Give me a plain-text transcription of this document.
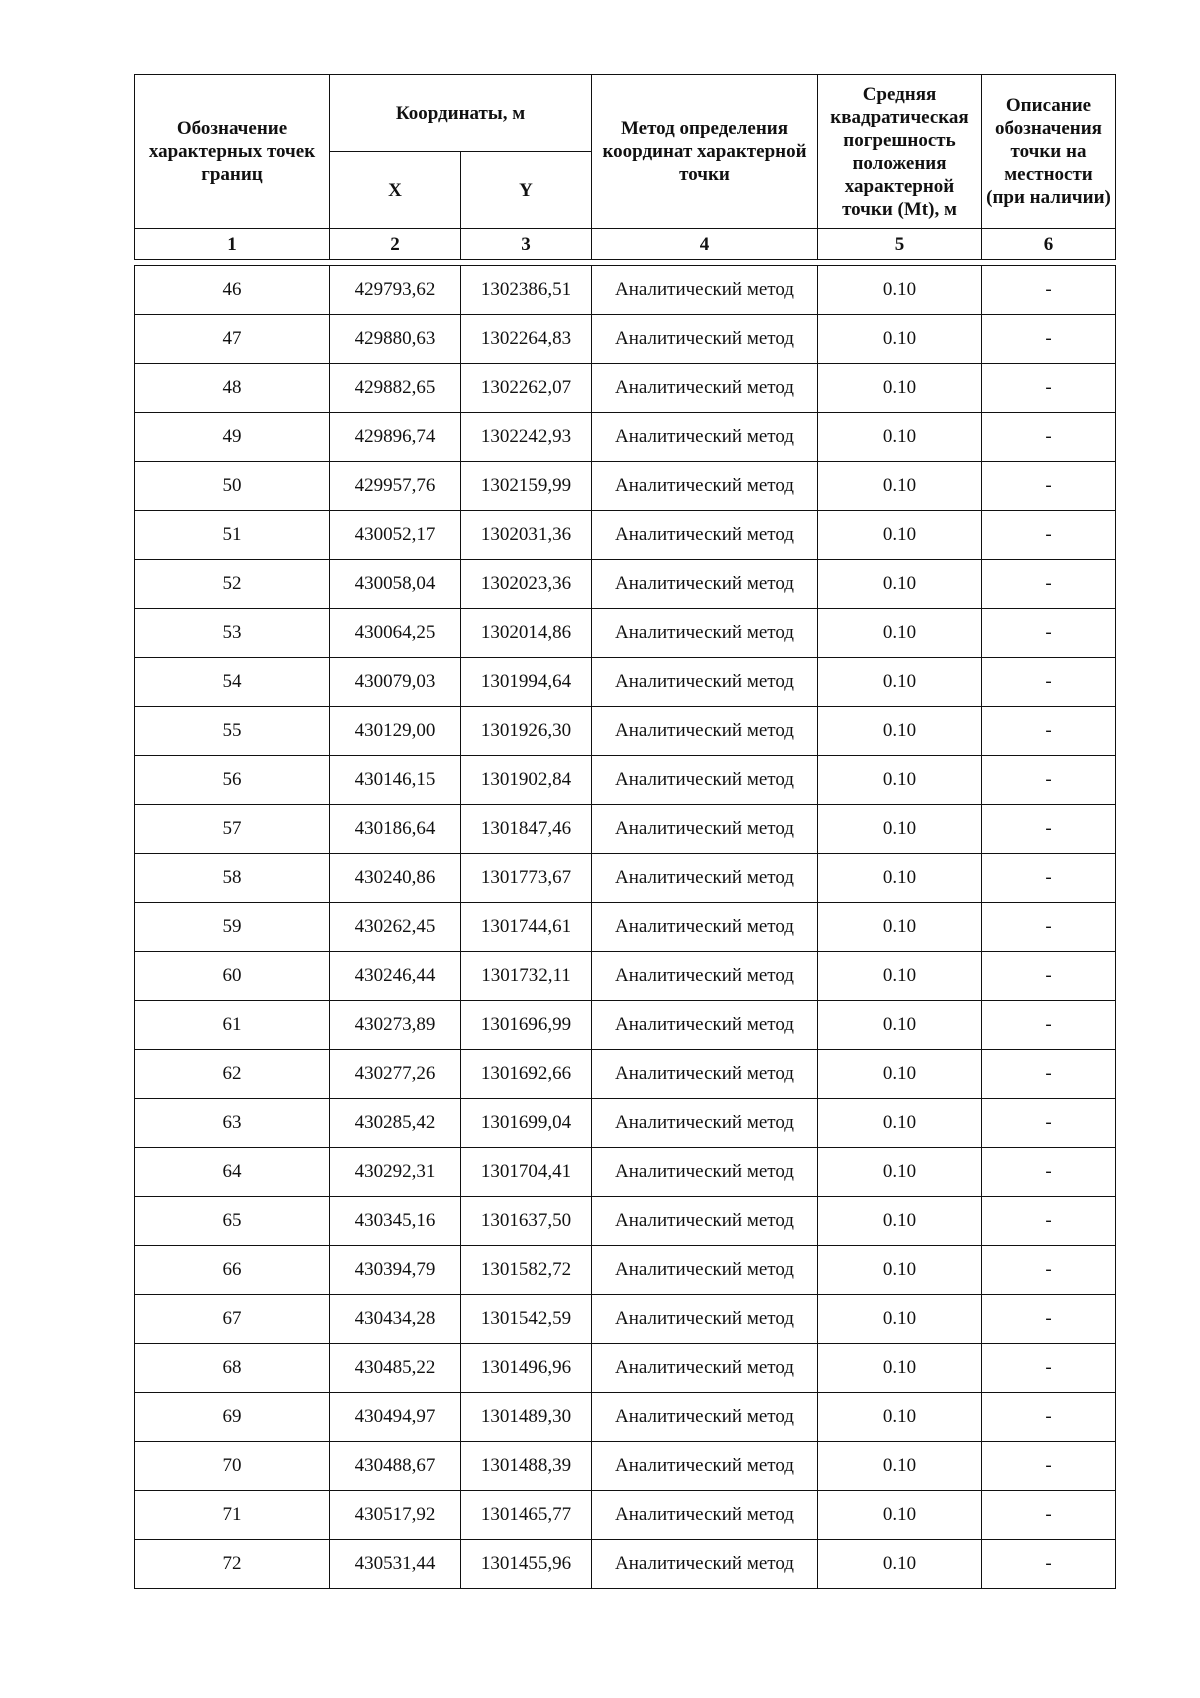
Обозначение характерных точек границ	Координаты, м		Метод определения координат характерной точки	Средняя квадратическая погрешность положения характерной точки (Mt), м	Описание обозначения точки на местности (при наличии)
	X	Y			
1	2	3	4	5	6

46	429793,62	1302386,51	Аналитический метод	0.10	-
47	429880,63	1302264,83	Аналитический метод	0.10	-
48	429882,65	1302262,07	Аналитический метод	0.10	-
49	429896,74	1302242,93	Аналитический метод	0.10	-
50	429957,76	1302159,99	Аналитический метод	0.10	-
51	430052,17	1302031,36	Аналитический метод	0.10	-
52	430058,04	1302023,36	Аналитический метод	0.10	-
53	430064,25	1302014,86	Аналитический метод	0.10	-
54	430079,03	1301994,64	Аналитический метод	0.10	-
55	430129,00	1301926,30	Аналитический метод	0.10	-
56	430146,15	1301902,84	Аналитический метод	0.10	-
57	430186,64	1301847,46	Аналитический метод	0.10	-
58	430240,86	1301773,67	Аналитический метод	0.10	-
59	430262,45	1301744,61	Аналитический метод	0.10	-
60	430246,44	1301732,11	Аналитический метод	0.10	-
61	430273,89	1301696,99	Аналитический метод	0.10	-
62	430277,26	1301692,66	Аналитический метод	0.10	-
63	430285,42	1301699,04	Аналитический метод	0.10	-
64	430292,31	1301704,41	Аналитический метод	0.10	-
65	430345,16	1301637,50	Аналитический метод	0.10	-
66	430394,79	1301582,72	Аналитический метод	0.10	-
67	430434,28	1301542,59	Аналитический метод	0.10	-
68	430485,22	1301496,96	Аналитический метод	0.10	-
69	430494,97	1301489,30	Аналитический метод	0.10	-
70	430488,67	1301488,39	Аналитический метод	0.10	-
71	430517,92	1301465,77	Аналитический метод	0.10	-
72	430531,44	1301455,96	Аналитический метод	0.10	-
